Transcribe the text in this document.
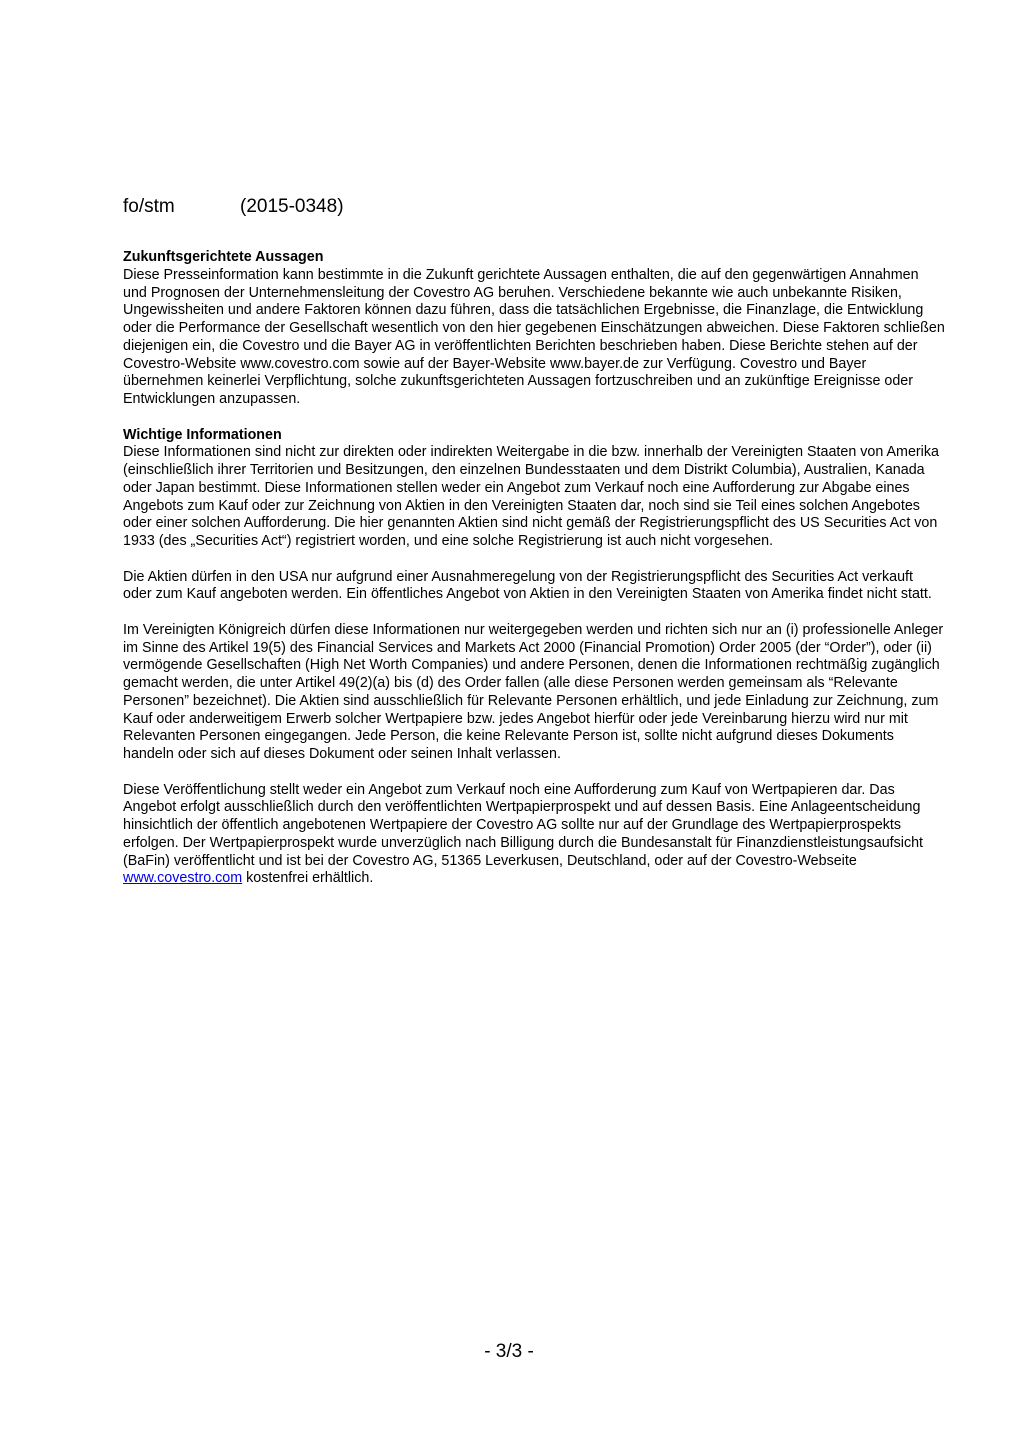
fo/stm	(2015-0348)

Zukunftsgerichtete Aussagen

Diese Presseinformation kann bestimmte in die Zukunft gerichtete Aussagen enthalten, die auf den gegenwärtigen Annahmen und Prognosen der Unternehmensleitung der Covestro AG beruhen. Verschiedene bekannte wie auch unbekannte Risiken, Ungewissheiten und andere Faktoren können dazu führen, dass die tatsächlichen Ergebnisse, die Finanzlage, die Entwicklung oder die Performance der Gesellschaft wesentlich von den hier gegebenen Einschätzungen abweichen. Diese Faktoren schließen diejenigen ein, die Covestro und die Bayer AG in veröffentlichten Berichten beschrieben haben. Diese Berichte stehen auf der Covestro-Website www.covestro.com sowie auf der Bayer-Website www.bayer.de zur Verfügung. Covestro und Bayer übernehmen keinerlei Verpflichtung, solche zukunftsgerichteten Aussagen fortzuschreiben und an zukünftige Ereignisse oder Entwicklungen anzupassen.

Wichtige Informationen

Diese Informationen sind nicht zur direkten oder indirekten Weitergabe in die bzw. innerhalb der Vereinigten Staaten von Amerika (einschließlich ihrer Territorien und Besitzungen, den einzelnen Bundesstaaten und dem Distrikt Columbia), Australien, Kanada oder Japan bestimmt. Diese Informationen stellen weder ein Angebot zum Verkauf noch eine Aufforderung zur Abgabe eines Angebots zum Kauf oder zur Zeichnung von Aktien in den Vereinigten Staaten dar, noch sind sie Teil eines solchen Angebotes oder einer solchen Aufforderung. Die hier genannten Aktien sind nicht gemäß der Registrierungspflicht des US Securities Act von 1933 (des „Securities Act“) registriert worden, und eine solche Registrierung ist auch nicht vorgesehen.

Die Aktien dürfen in den USA nur aufgrund einer Ausnahmeregelung von der Registrierungspflicht des Securities Act verkauft oder zum Kauf angeboten werden. Ein öffentliches Angebot von Aktien in den Vereinigten Staaten von Amerika findet nicht statt.

Im Vereinigten Königreich dürfen diese Informationen nur weitergegeben werden und richten sich nur an (i) professionelle Anleger im Sinne des Artikel 19(5) des Financial Services and Markets Act 2000 (Financial Promotion) Order 2005 (der “Order”), oder (ii) vermögende Gesellschaften (High Net Worth Companies) und andere Personen, denen die Informationen rechtmäßig zugänglich gemacht werden, die unter Artikel 49(2)(a) bis (d) des Order fallen (alle diese Personen werden gemeinsam als “Relevante Personen” bezeichnet). Die Aktien sind ausschließlich für Relevante Personen erhältlich, und jede Einladung zur Zeichnung, zum Kauf oder anderweitigem Erwerb solcher Wertpapiere bzw. jedes Angebot hierfür oder jede Vereinbarung hierzu wird nur mit Relevanten Personen eingegangen. Jede Person, die keine Relevante Person ist, sollte nicht aufgrund dieses Dokuments handeln oder sich auf dieses Dokument oder seinen Inhalt verlassen.

Diese Veröffentlichung stellt weder ein Angebot zum Verkauf noch eine Aufforderung zum Kauf von Wertpapieren dar. Das Angebot erfolgt ausschließlich durch den veröffentlichten Wertpapierprospekt und auf dessen Basis. Eine Anlageentscheidung hinsichtlich der öffentlich angebotenen Wertpapiere der Covestro AG sollte nur auf der Grundlage des Wertpapierprospekts erfolgen. Der Wertpapierprospekt wurde unverzüglich nach Billigung durch die Bundesanstalt für Finanzdienstleistungsaufsicht (BaFin) veröffentlicht und ist bei der Covestro AG, 51365 Leverkusen, Deutschland, oder auf der Covestro-Webseite www.covestro.com kostenfrei erhältlich.

- 3/3 -
